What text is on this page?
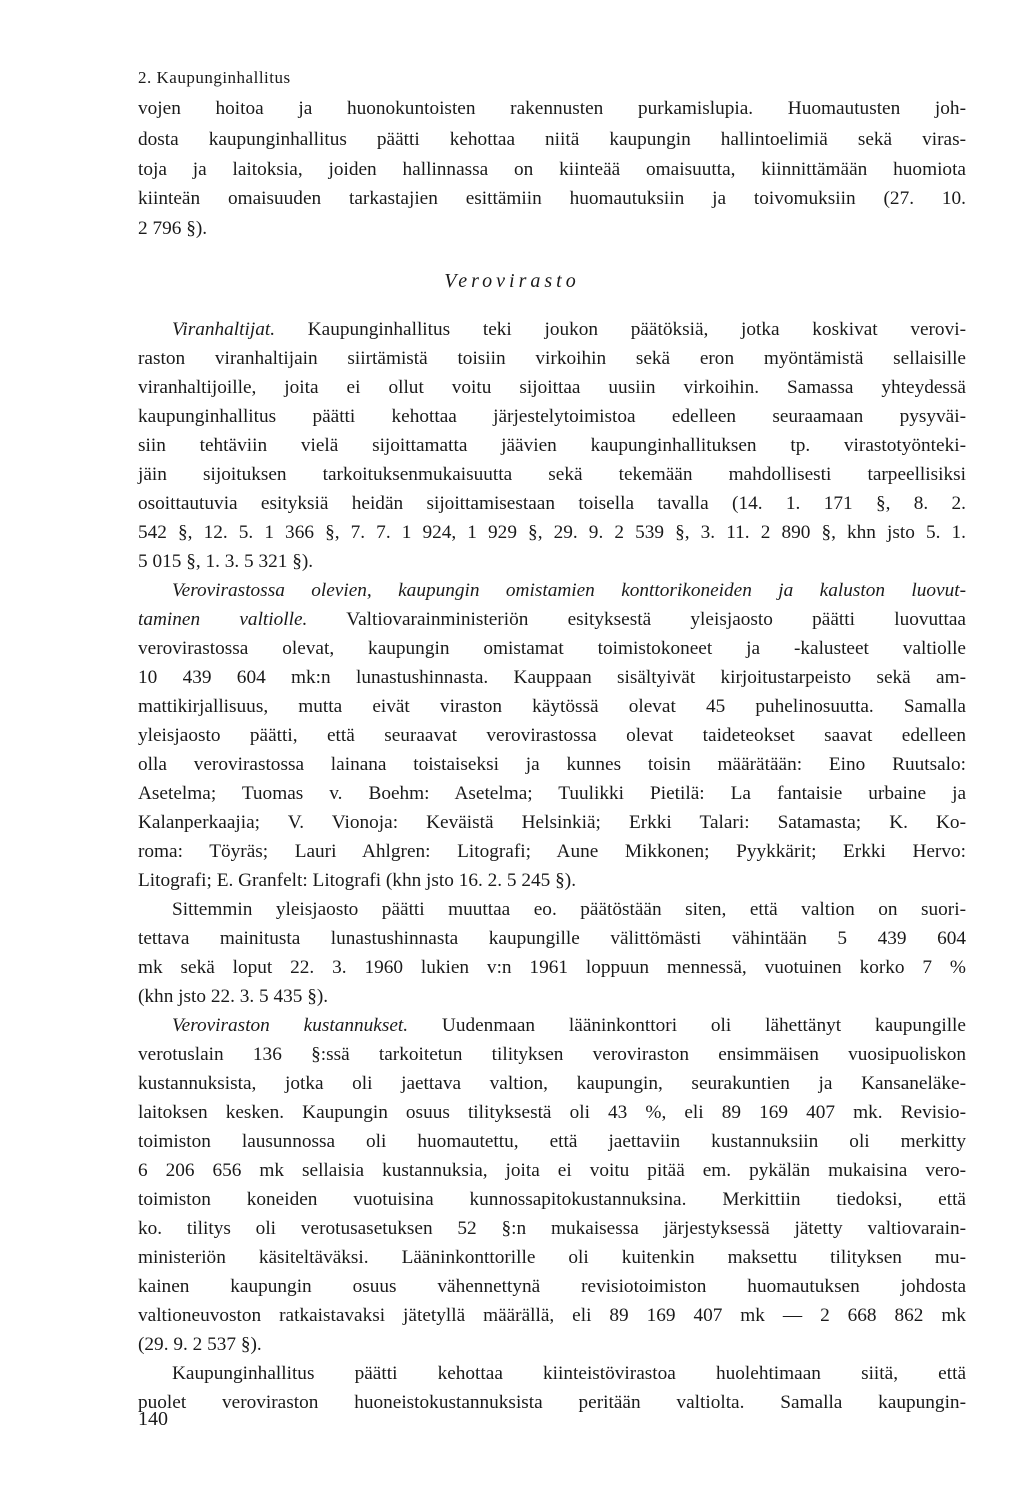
2. Kaupunginhallitus
Verovirasto
vojen hoitoa ja huonokuntoisten rakennusten purkamislupia. Huomautusten joh-
dosta kaupunginhallitus päätti kehottaa niitä kaupungin hallintoelimiä sekä viras-
toja ja laitoksia, joiden hallinnassa on kiinteää omaisuutta, kiinnittämään huomiota
kiinteän omaisuuden tarkastajien esittämiin huomautuksiin ja toivomuksiin (27. 10.
2 796 §).
Viranhaltijat. Kaupunginhallitus teki joukon päätöksiä, jotka koskivat verovi-
raston viranhaltijain siirtämistä toisiin virkoihin sekä eron myöntämistä sellaisille
viranhaltijoille, joita ei ollut voitu sijoittaa uusiin virkoihin. Samassa yhteydessä
kaupunginhallitus päätti kehottaa järjestelytoimistoa edelleen seuraamaan pysyväi-
siin tehtäviin vielä sijoittamatta jäävien kaupunginhallituksen tp. virastotyönteki-
jäin sijoituksen tarkoituksenmukaisuutta sekä tekemään mahdollisesti tarpeellisiksi
osoittautuvia esityksiä heidän sijoittamisestaan toisella tavalla (14. 1. 171 §, 8. 2.
542 §, 12. 5. 1 366 §, 7. 7. 1 924, 1 929 §, 29. 9. 2 539 §, 3. 11. 2 890 §, khn jsto 5. 1.
5 015 §, 1. 3. 5 321 §).
Verovirastossa olevien, kaupungin omistamien konttorikoneiden ja kaluston luovut-
taminen valtiolle. Valtiovarainministeriön esityksestä yleisjaosto päätti luovuttaa
verovirastossa olevat, kaupungin omistamat toimistokoneet ja -kalusteet valtiolle
10 439 604 mk:n lunastushinnasta. Kauppaan sisältyivät kirjoitustarpeisto sekä am-
mattikirjallisuus, mutta eivät viraston käytössä olevat 45 puhelinosuutta. Samalla
yleisjaosto päätti, että seuraavat verovirastossa olevat taideteokset saavat edelleen
olla verovirastossa lainana toistaiseksi ja kunnes toisin määrätään: Eino Ruutsalo:
Asetelma; Tuomas v. Boehm: Asetelma; Tuulikki Pietilä: La fantaisie urbaine ja
Kalanperkaajia; V. Vionoja: Keväistä Helsinkiä; Erkki Talari: Satamasta; K. Ko-
roma: Töyräs; Lauri Ahlgren: Litografi; Aune Mikkonen; Pyykkärit; Erkki Hervo:
Litografi; E. Granfelt: Litografi (khn jsto 16. 2. 5 245 §).
Sittemmin yleisjaosto päätti muuttaa eo. päätöstään siten, että valtion on suori-
tettava mainitusta lunastushinnasta kaupungille välittömästi vähintään 5 439 604
mk sekä loput 22. 3. 1960 lukien v:n 1961 loppuun mennessä, vuotuinen korko 7 %
(khn jsto 22. 3. 5 435 §).
Veroviraston kustannukset. Uudenmaan lääninkonttori oli lähettänyt kaupungille
verotuslain 136 §:ssä tarkoitetun tilityksen veroviraston ensimmäisen vuosipuoliskon
kustannuksista, jotka oli jaettava valtion, kaupungin, seurakuntien ja Kansaneläke-
laitoksen kesken. Kaupungin osuus tilityksestä oli 43 %, eli 89 169 407 mk. Revisio-
toimiston lausunnossa oli huomautettu, että jaettaviin kustannuksiin oli merkitty
6 206 656 mk sellaisia kustannuksia, joita ei voitu pitää em. pykälän mukaisina vero-
toimiston koneiden vuotuisina kunnossapitokustannuksina. Merkittiin tiedoksi, että
ko. tilitys oli verotusasetuksen 52 §:n mukaisessa järjestyksessä jätetty valtiovarain-
ministeriön käsiteltäväksi. Lääninkonttorille oli kuitenkin maksettu tilityksen mu-
kainen kaupungin osuus vähennettynä revisiotoimiston huomautuksen johdosta
valtioneuvoston ratkaistavaksi jätetyllä määrällä, eli 89 169 407 mk — 2 668 862 mk
(29. 9. 2 537 §).
Kaupunginhallitus päätti kehottaa kiinteistövirastoa huolehtimaan siitä, että
puolet veroviraston huoneistokustannuksista peritään valtiolta. Samalla kaupungin-
140
